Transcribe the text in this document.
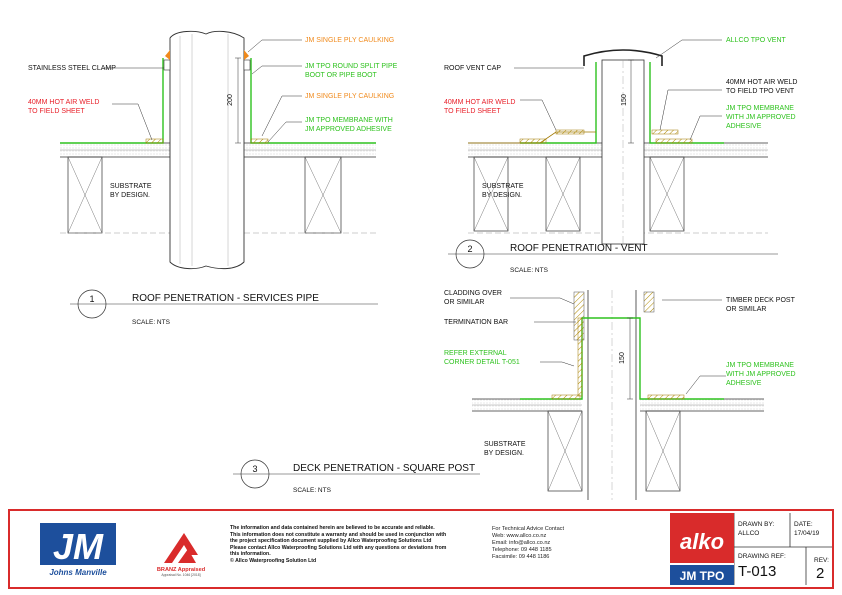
200
STAINLESS STEEL CLAMP
40MM HOT AIR WELD
TO FIELD SHEET
JM SINGLE PLY CAULKING
JM TPO ROUND SPLIT PIPE
BOOT OR PIPE BOOT
JM SINGLE PLY CAULKING
JM TPO MEMBRANE WITH
JM APPROVED ADHESIVE
SUBSTRATE
BY DESIGN.
1	ROOF PENETRATION - SERVICES PIPE
SCALE: NTS
150
ROOF VENT CAP
40MM HOT AIR WELD
TO FIELD SHEET
ALLCO TPO VENT
40MM HOT AIR WELD
TO FIELD TPO VENT
JM TPO MEMBRANE
WITH JM APPROVED
ADHESIVE
SUBSTRATE
BY DESIGN.
2	ROOF PENETRATION - VENT
SCALE: NTS
150
CLADDING OVER
OR SIMILAR
TERMINATION BAR
REFER EXTERNAL
CORNER DETAIL T-051
TIMBER DECK POST
OR SIMILAR
JM TPO MEMBRANE
WITH JM APPROVED
ADHESIVE
SUBSTRATE
BY DESIGN.
3	DECK PENETRATION - SQUARE POST
SCALE: NTS
JM
Johns Manville	BRANZ Appraised
Appraisal No. 1046 [2018]
The information and data contained herein are believed to be accurate and reliable.
This information does not constitute a warranty and should be used in conjunction with
the project specification document supplied by Allco Waterproofing Solutions Ltd
Please contact Allco Waterproofing Solutions Ltd with any questions or deviations from
this information.
© Allco Waterproofing Solution Ltd
For Technical Advice Contact
Web: www.allco.co.nz
Email: info@allco.co.nz
Telephone: 09 448 1185
Facsimile: 09 448 1186
alko
JM TPO
DRAWN BY:
ALLCO
DATE:
17/04/19
DRAWING REF:
T-013
REV:
2
